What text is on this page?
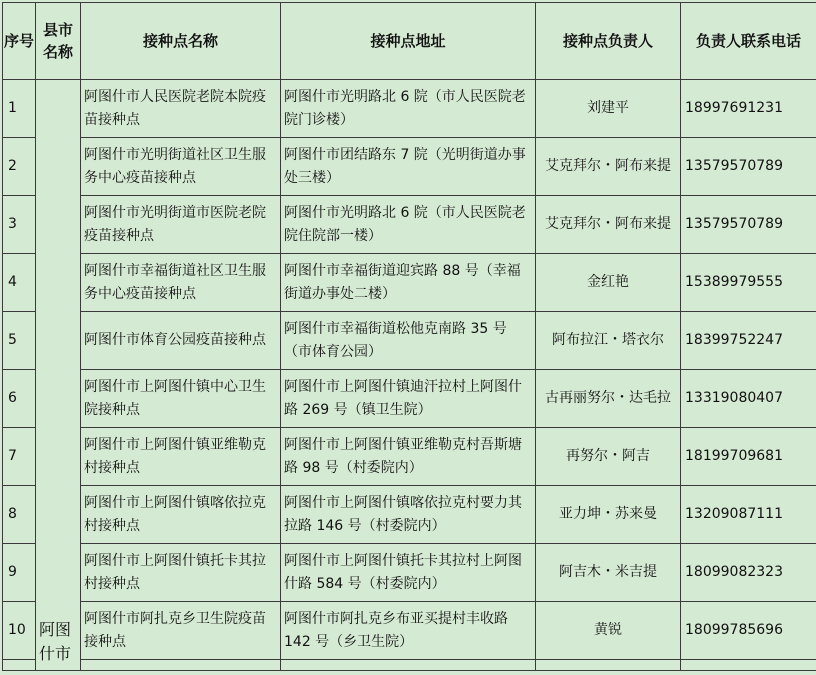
序号	县市名称	接种点名称	接种点地址	接种点负责人	负责人联系电话
1	阿图什市	阿图什市人民医院老院本院疫苗接种点	阿图什市光明路北 6 院（市人民医院老院门诊楼）	刘建平	18997691231
2		阿图什市光明街道社区卫生服务中心疫苗接种点	阿图什市团结路东 7 院（光明街道办事处三楼）	艾克拜尔・阿布来提	13579570789
3		阿图什市光明街道市医院老院疫苗接种点	阿图什市光明路北 6 院（市人民医院老院住院部一楼）	艾克拜尔・阿布来提	13579570789
4		阿图什市幸福街道社区卫生服务中心疫苗接种点	阿图什市幸福街道迎宾路 88 号（幸福街道办事处二楼）	金红艳	15389979555
5		阿图什市体育公园疫苗接种点	阿图什市幸福街道松他克南路 35 号（市体育公园）	阿布拉江・塔衣尔	18399752247
6		阿图什市上阿图什镇中心卫生院接种点	阿图什市上阿图什镇迪汗拉村上阿图什路 269 号（镇卫生院）	古再丽努尔・达毛拉	13319080407
7		阿图什市上阿图什镇亚维勒克村接种点	阿图什市上阿图什镇亚维勒克村吾斯塘路 98 号（村委院内）	再努尔・阿吉	18199709681
8		阿图什市上阿图什镇喀依拉克村接种点	阿图什市上阿图什镇喀依拉克村要力其拉路 146 号（村委院内）	亚力坤・苏来曼	13209087111
9		阿图什市上阿图什镇托卡其拉村接种点	阿图什市上阿图什镇托卡其拉村上阿图什路 584 号（村委院内）	阿吉木・米吉提	18099082323
10		阿图什市阿扎克乡卫生院疫苗接种点	阿图什市阿扎克乡布亚买提村丰收路 142 号（乡卫生院）	黄锐	18099785696
